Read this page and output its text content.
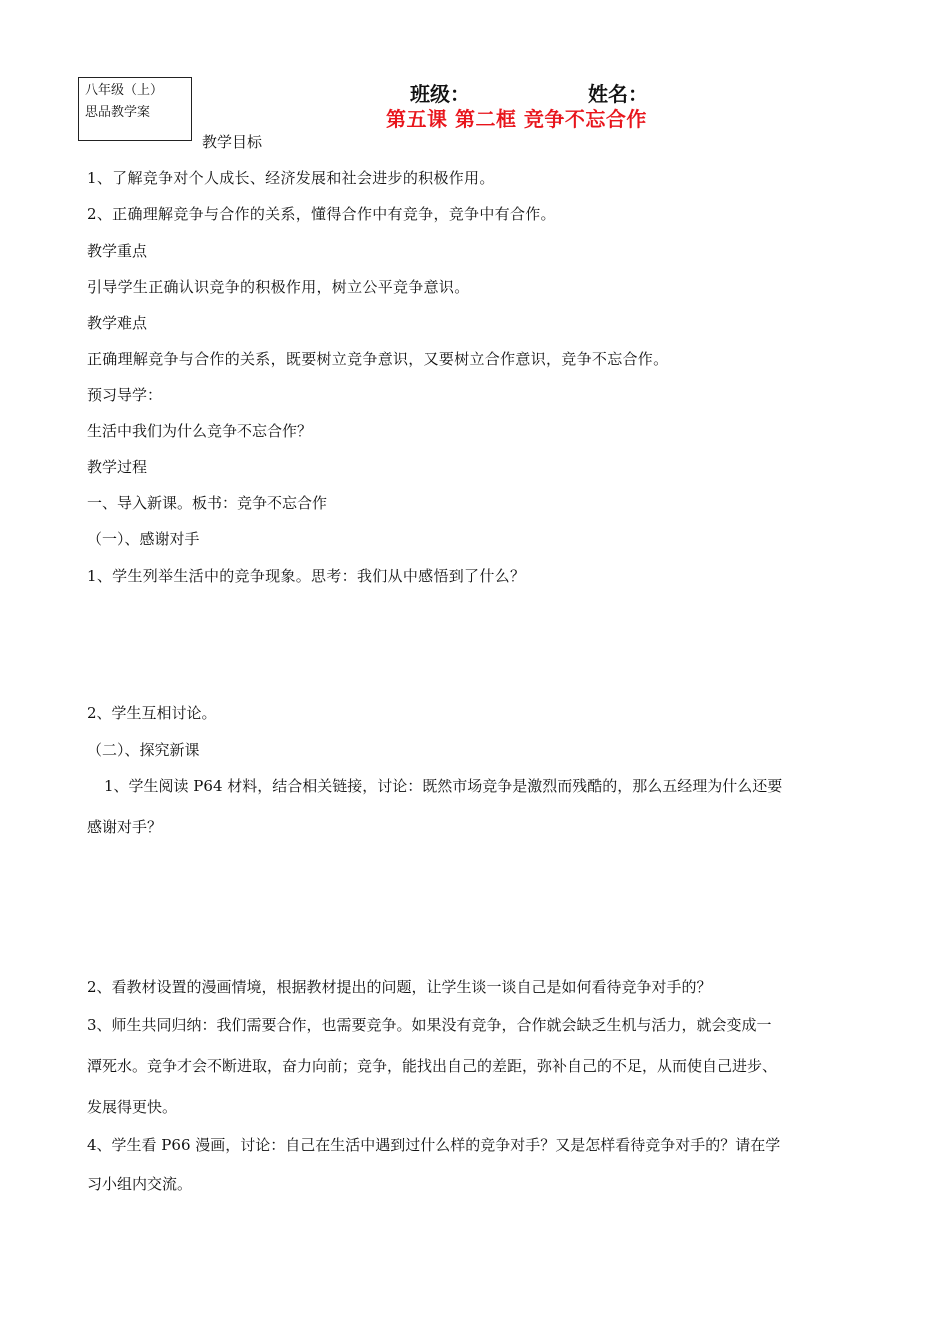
八年级（上）
思品教学案
班级：	姓名：
第五课 第二框 竞争不忘合作
教学目标
1、了解竞争对个人成长、经济发展和社会进步的积极作用。
2、正确理解竞争与合作的关系，懂得合作中有竞争，竞争中有合作。
教学重点
引导学生正确认识竞争的积极作用，树立公平竞争意识。
教学难点
正确理解竞争与合作的关系，既要树立竞争意识，又要树立合作意识，竞争不忘合作。
预习导学：
生活中我们为什么竞争不忘合作？
教学过程
一、导入新课。板书：竞争不忘合作
（一）、感谢对手
1、学生列举生活中的竞争现象。思考：我们从中感悟到了什么？
2、学生互相讨论。
（二）、探究新课
1、学生阅读 P64 材料，结合相关链接，讨论：既然市场竞争是激烈而残酷的，那么五经理为什么还要
感谢对手？
2、看教材设置的漫画情境，根据教材提出的问题，让学生谈一谈自己是如何看待竞争对手的？
3、师生共同归纳：我们需要合作，也需要竞争。如果没有竞争，合作就会缺乏生机与活力，就会变成一
潭死水。竞争才会不断进取，奋力向前；竞争，能找出自己的差距，弥补自己的不足，从而使自己进步、
发展得更快。
4、学生看 P66 漫画，讨论：自己在生活中遇到过什么样的竞争对手？又是怎样看待竞争对手的？请在学
习小组内交流。
